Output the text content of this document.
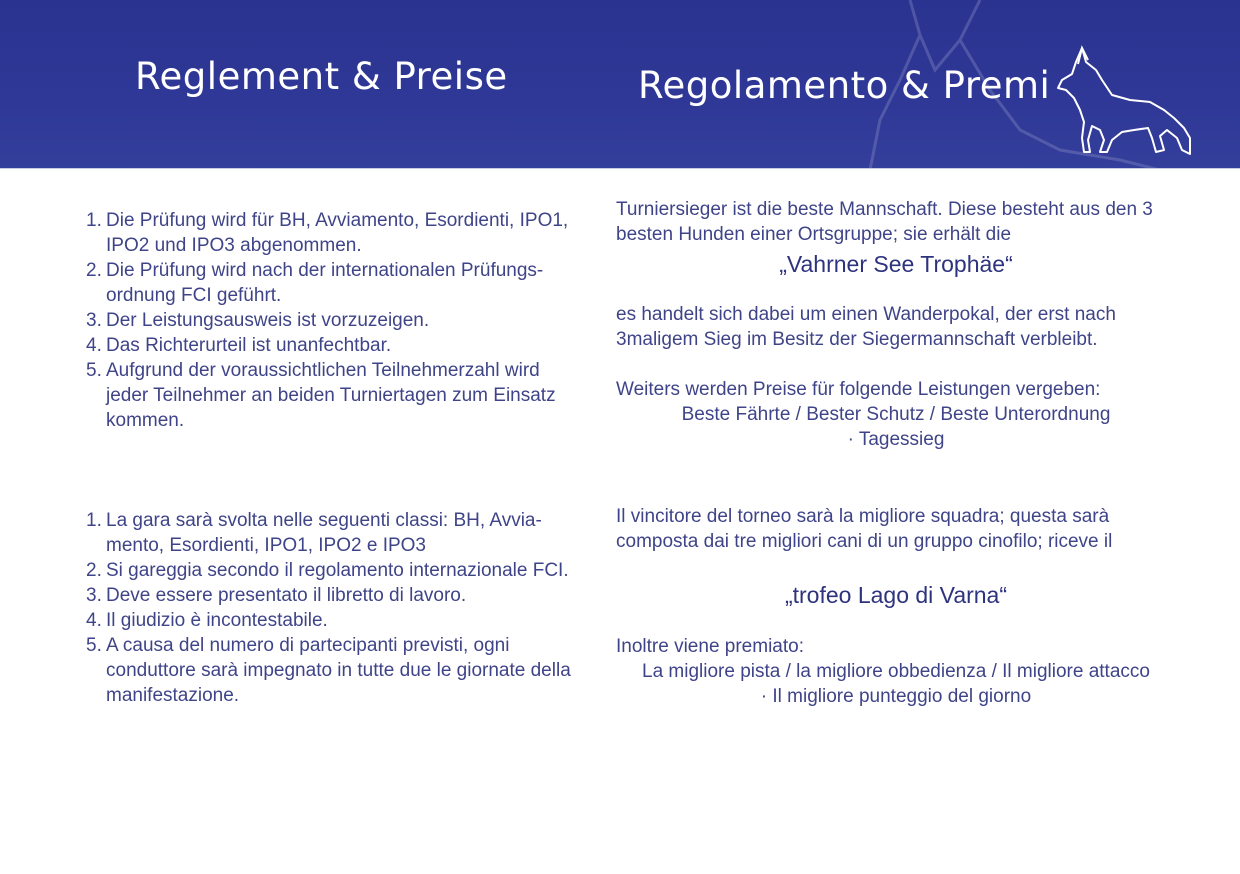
Reglement & Preise	Regolamento & Premi
1. Die Prüfung wird für BH, Avviamento, Esordienti, IPO1, IPO2 und IPO3 abgenommen.
2. Die Prüfung wird nach der internationalen Prüfungs-ordnung FCI geführt.
3. Der Leistungsausweis ist vorzuzeigen.
4. Das Richterurteil ist unanfechtbar.
5. Aufgrund der voraussichtlichen Teilnehmerzahl wird jeder Teilnehmer an beiden Turniertagen zum Einsatz kommen.
1. La gara sarà svolta nelle seguenti classi: BH, Avvia-mento, Esordienti, IPO1, IPO2 e IPO3
2. Si gareggia secondo il regolamento internazionale FCI.
3. Deve essere presentato il libretto di lavoro.
4. Il giudizio è incontestabile.
5. A causa del numero di partecipanti previsti, ogni conduttore sarà impegnato in tutte due le giornate della manifestazione.

Turniersieger ist die beste Mannschaft. Diese besteht aus den 3 besten Hunden einer Ortsgruppe; sie erhält die

„Vahrner See Trophäe“

es handelt sich dabei um einen Wanderpokal, der erst nach 3maligem Sieg im Besitz der Siegermannschaft verbleibt.

Weiters werden Preise für folgende Leistungen vergeben:

Beste Fährte / Bester Schutz / Beste Unterordnung

· Tagessieg

Il vincitore del torneo sarà la migliore squadra; questa sarà composta dai tre migliori cani di un gruppo cinofilo; riceve il

„trofeo Lago di Varna“

Inoltre viene premiato:

La migliore pista / la migliore obbedienza / Il migliore attacco

· Il migliore punteggio del giorno
